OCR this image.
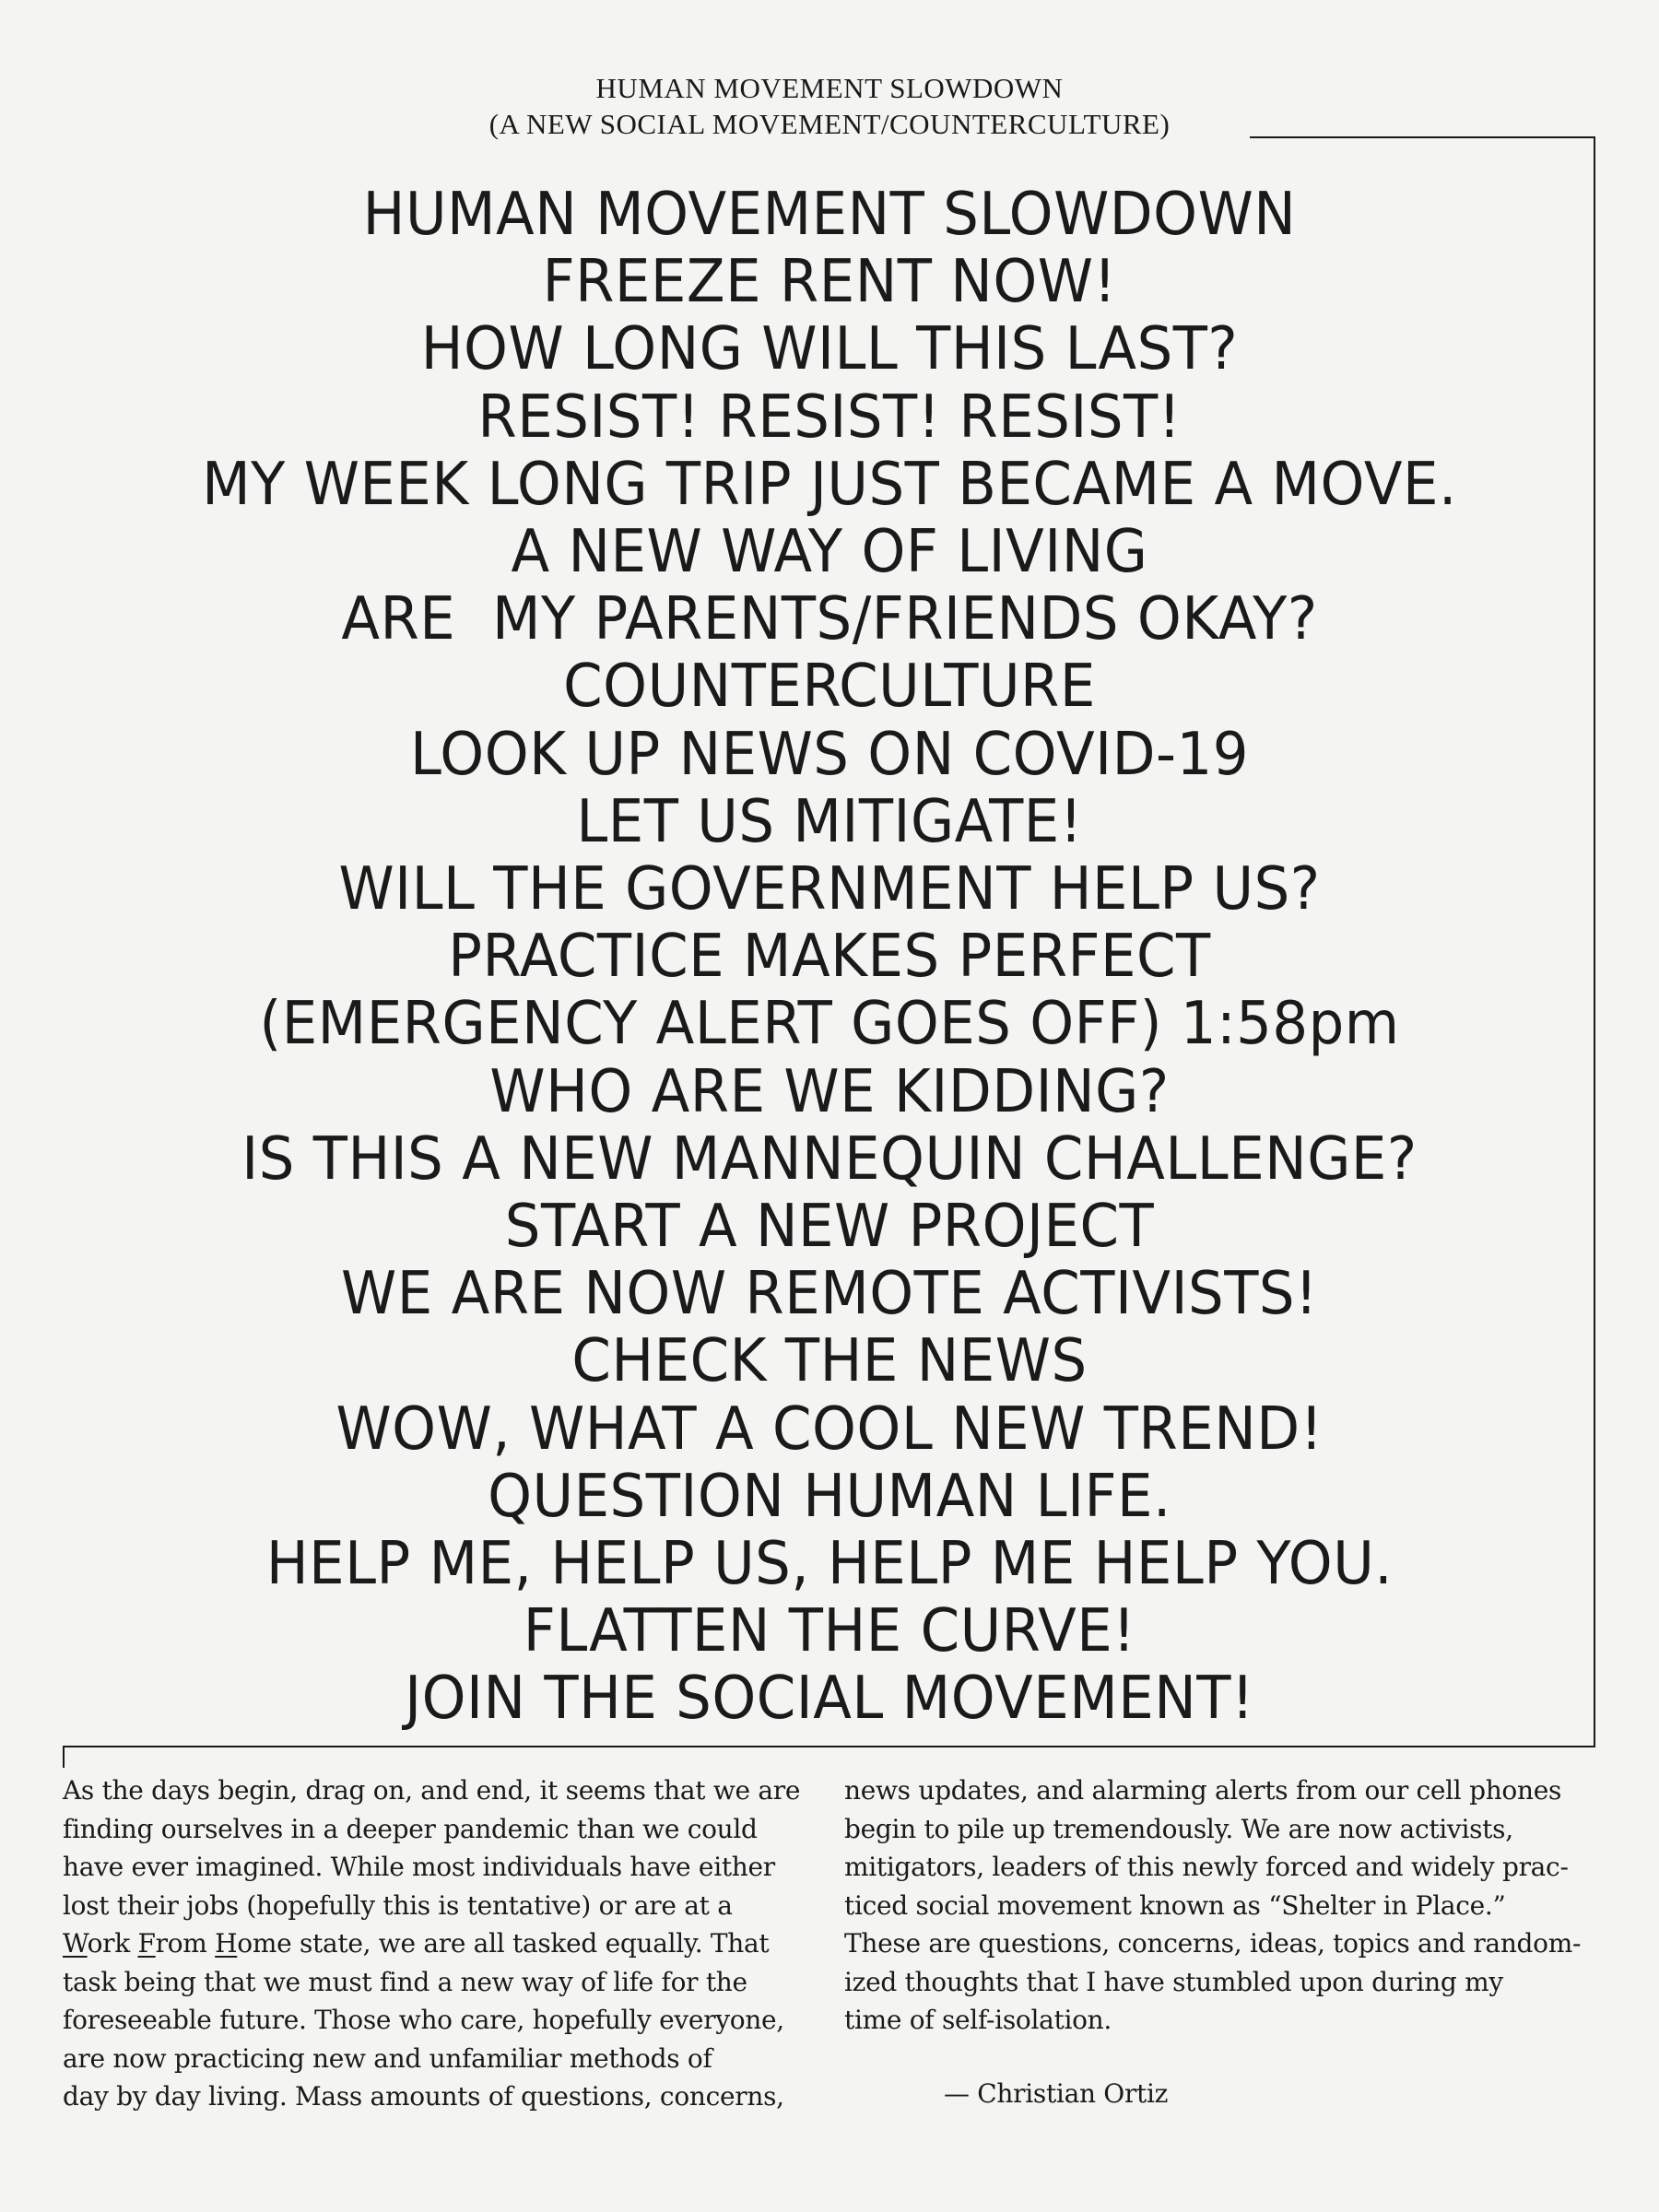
HUMAN MOVEMENT SLOWDOWN
(A NEW SOCIAL MOVEMENT/COUNTERCULTURE)
HUMAN MOVEMENT SLOWDOWN
FREEZE RENT NOW!
HOW LONG WILL THIS LAST?
RESIST! RESIST! RESIST!
MY WEEK LONG TRIP JUST BECAME A MOVE.
A NEW WAY OF LIVING
ARE  MY PARENTS/FRIENDS OKAY?
COUNTERCULTURE
LOOK UP NEWS ON COVID-19
LET US MITIGATE!
WILL THE GOVERNMENT HELP US?
PRACTICE MAKES PERFECT
(EMERGENCY ALERT GOES OFF) 1:58pm
WHO ARE WE KIDDING?
IS THIS A NEW MANNEQUIN CHALLENGE?
START A NEW PROJECT
WE ARE NOW REMOTE ACTIVISTS!
CHECK THE NEWS
WOW, WHAT A COOL NEW TREND!
QUESTION HUMAN LIFE.
HELP ME, HELP US, HELP ME HELP YOU.
FLATTEN THE CURVE!
JOIN THE SOCIAL MOVEMENT!
As the days begin, drag on, and end, it seems that we are
finding ourselves in a deeper pandemic than we could
have ever imagined. While most individuals have either
lost their jobs (hopefully this is tentative) or are at a
Work From Home state, we are all tasked equally. That
task being that we must find a new way of life for the
foreseeable future. Those who care, hopefully everyone,
are now practicing new and unfamiliar methods of
day by day living. Mass amounts of questions, concerns,
news updates, and alarming alerts from our cell phones
begin to pile up tremendously. We are now activists,
mitigators, leaders of this newly forced and widely prac-
ticed social movement known as “Shelter in Place.”
These are questions, concerns, ideas, topics and random-
ized thoughts that I have stumbled upon during my
time of self-isolation.
— Christian Ortiz
